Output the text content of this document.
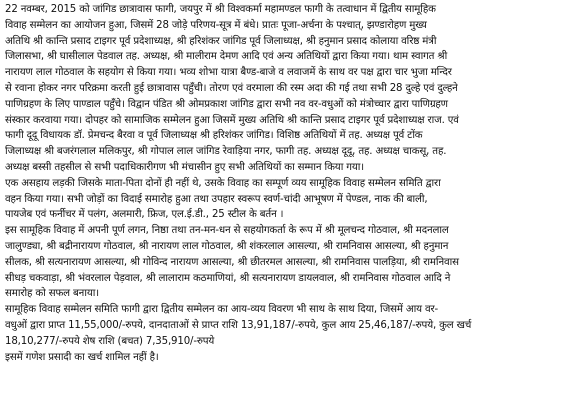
22 नवम्बर, 2015 को जांगिड छात्रावास फागी, जयपुर में श्री विश्वकर्मा महामण्डल फागी के तत्वाधान में द्वितीय सामूहिक
विवाह सम्मेलन का आयोजन हुआ, जिसमें 28 जोड़े परिणय-सूत्र में बंधे। प्रातः पूजा-अर्चना के पश्चात्, झण्डारोहण मुख्य
अतिथि श्री कान्ति प्रसाद टाइगर पूर्व प्रदेशाध्यक्ष, श्री हरिशंकर जांगिड पूर्व जिलाध्यक्ष, श्री हनुमान प्रसाद कोलाया वरिष्ठ मंत्री
जिलासभा, श्री घासीलाल पेडवाल तह. अध्यक्ष, श्री मालीराम देमण आदि एवं अन्य अतिथियों द्वारा किया गया। थाम स्वागत श्री
नारायण लाल गोठवाल के सहयोग से किया गया। भव्य शोभा यात्रा बैण्ड-बाजे व लवाजमें के साथ वर पक्ष द्वारा चार भुजा मन्दिर
से रवाना होकर नगर परिक्रमा करती हुई छात्रावास पहुँची। तोरण एवं वरमाला की रस्म अदा की गई तथा सभी 28 दुल्हे एवं दुल्हने
पाणिग्रहण के लिए पाण्डाल पहुँचे। विद्वान पंडित श्री ओमप्रकाश जांगिड द्वारा सभी नव वर-वधुओं को मंत्रोच्चार द्वारा पाणिग्रहण
संस्कार करवाया गया। दोपहर को सामाजिक सम्मेलन हुआ जिसमें मुख्य अतिथि श्री कान्ति प्रसाद टाइगर पूर्व प्रदेशाध्यक्ष राज. एवं
फागी दूदू विधायक डॉ. प्रेमचन्द बैरवा व पूर्व जिलाध्यक्ष श्री हरिशंकर जांगिड। विशिष्ठ अतिथियों में तह. अध्यक्ष पूर्व टोंक
जिलाध्यक्ष श्री बजरंगलाल मलिकपुर, श्री गोपाल लाल जांगिड रेवाड़िया नगर, फागी तह. अध्यक्ष दूदू, तह. अध्यक्ष चाकसू, तह.
अध्यक्ष बस्सी तहसील से सभी पदाधिकारीगण भी मंचासीन हुए सभी अतिथियों का सम्मान किया गया।
एक असहाय लड़की जिसके माता-पिता दोनों ही नहीं थे, उसके विवाह का सम्पूर्ण व्यय सामूहिक विवाह सम्मेलन समिति द्वारा
वहन किया गया। सभी जोड़ों का विदाई समारोह हुआ तथा उपहार स्वरूप स्वर्ण-चांदी आभूषण में पेण्डल, नाक की बाली,
पायजेब एवं फर्नीचर में पलंग, अलमारी, फ्रिज, एल.ई.डी., 25 स्टील के बर्तन ।
इस सामूहिक विवाह में अपनी पूर्ण लगन, निष्ठा तथा तन-मन-धन से सहयोगकर्ता के रूप में श्री मूलचन्द गोठवाल, श्री मदनलाल
जालुण्ड्या, श्री बद्रीनारायण गोठवाल, श्री नारायण लाल गोठवाल, श्री शंकरलाल आसल्या, श्री रामनिवास आसल्या, श्री हनुमान
सीलक, श्री सत्यनारायण आसल्या, श्री गोविन्द नारायण आसल्या, श्री छीतरमल आसल्या, श्री रामनिवास पालड़िया, श्री रामनिवास
सीधड़ चकवाड़ा, श्री भंवरलाल पेड़वाल, श्री लालाराम कठमाणियां, श्री सत्यनारायण डायलवाल, श्री रामनिवास गोठवाल आदि ने
समारोह को सफल बनाया।
सामूहिक विवाह सम्मेलन समिति फागी द्वारा द्वितीय सम्मेलन का आय-व्यय विवरण भी साथ के साथ दिया, जिसमें आय वर-
वधुओं द्वारा प्राप्त 11,55,000/-रुपये, दानदाताओं से प्राप्त राशि 13,91,187/-रुपये, कुल आय 25,46,187/-रुपये, कुल खर्च
18,10,277/-रुपये शेष राशि (बचत) 7,35,910/-रुपये
इसमें गणेश प्रसादी का खर्च शामिल नहीं है।
